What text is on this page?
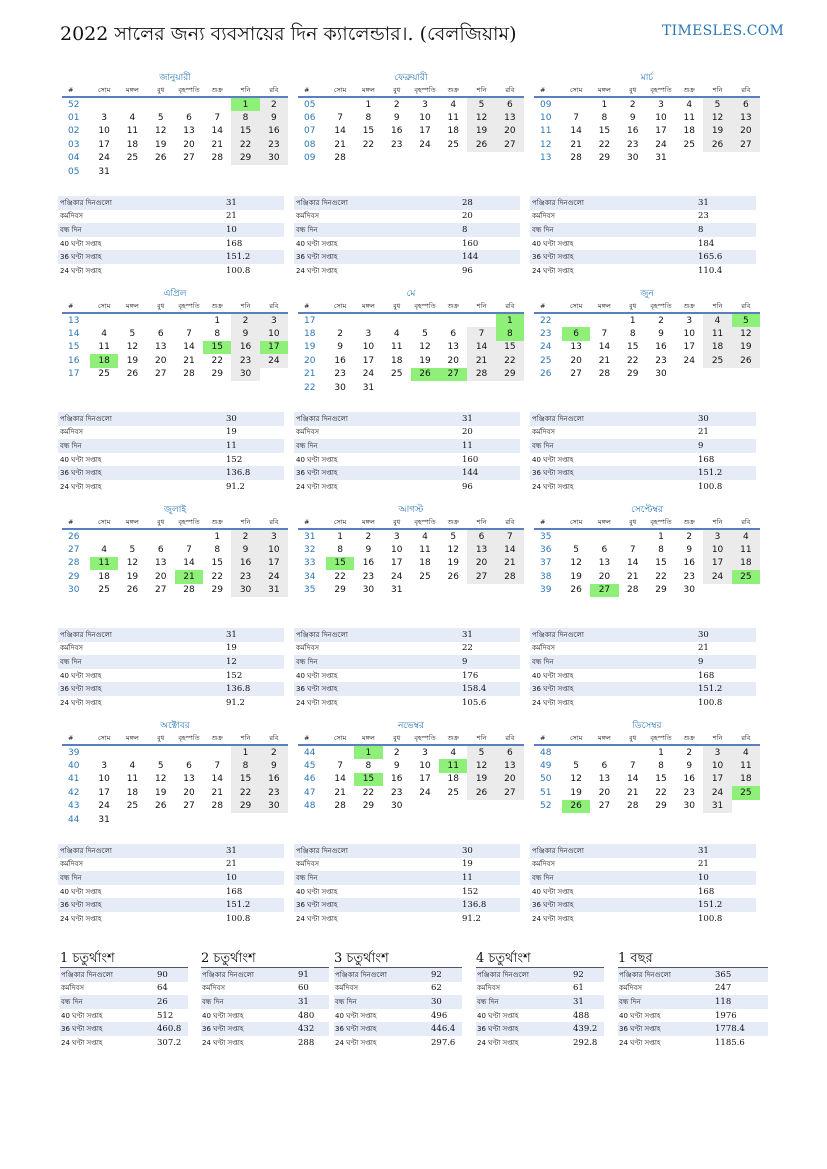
2022 সালের জন্য ব্যবসায়ের দিন ক্যালেন্ডার।. (বেলজিয়াম)	TIMESLES.COM
জানুয়ারী
#	সোম	মঙ্গল	বুধ	বৃহস্পতি	শুক্র	শনি	রবি
52						1	2
01	3	4	5	6	7	8	9
02	10	11	12	13	14	15	16
03	17	18	19	20	21	22	23
04	24	25	26	27	28	29	30
05	31						
পঞ্জিকার দিনগুলো	31
কর্মদিবস	21
বন্ধ দিন	10
40 ঘণ্টা সপ্তাহ	168
36 ঘণ্টা সপ্তাহ	151.2
24 ঘণ্টা সপ্তাহ	100.8
ফেব্রুয়ারী
#	সোম	মঙ্গল	বুধ	বৃহস্পতি	শুক্র	শনি	রবি
05		1	2	3	4	5	6
06	7	8	9	10	11	12	13
07	14	15	16	17	18	19	20
08	21	22	23	24	25	26	27
09	28						
পঞ্জিকার দিনগুলো	28
কর্মদিবস	20
বন্ধ দিন	8
40 ঘণ্টা সপ্তাহ	160
36 ঘণ্টা সপ্তাহ	144
24 ঘণ্টা সপ্তাহ	96
মার্চ
#	সোম	মঙ্গল	বুধ	বৃহস্পতি	শুক্র	শনি	রবি
09		1	2	3	4	5	6
10	7	8	9	10	11	12	13
11	14	15	16	17	18	19	20
12	21	22	23	24	25	26	27
13	28	29	30	31			
পঞ্জিকার দিনগুলো	31
কর্মদিবস	23
বন্ধ দিন	8
40 ঘণ্টা সপ্তাহ	184
36 ঘণ্টা সপ্তাহ	165.6
24 ঘণ্টা সপ্তাহ	110.4
এপ্রিল
#	সোম	মঙ্গল	বুধ	বৃহস্পতি	শুক্র	শনি	রবি
13					1	2	3
14	4	5	6	7	8	9	10
15	11	12	13	14	15	16	17
16	18	19	20	21	22	23	24
17	25	26	27	28	29	30	
পঞ্জিকার দিনগুলো	30
কর্মদিবস	19
বন্ধ দিন	11
40 ঘণ্টা সপ্তাহ	152
36 ঘণ্টা সপ্তাহ	136.8
24 ঘণ্টা সপ্তাহ	91.2
মে
#	সোম	মঙ্গল	বুধ	বৃহস্পতি	শুক্র	শনি	রবি
17							1
18	2	3	4	5	6	7	8
19	9	10	11	12	13	14	15
20	16	17	18	19	20	21	22
21	23	24	25	26	27	28	29
22	30	31					
পঞ্জিকার দিনগুলো	31
কর্মদিবস	20
বন্ধ দিন	11
40 ঘণ্টা সপ্তাহ	160
36 ঘণ্টা সপ্তাহ	144
24 ঘণ্টা সপ্তাহ	96
জুন
#	সোম	মঙ্গল	বুধ	বৃহস্পতি	শুক্র	শনি	রবি
22			1	2	3	4	5
23	6	7	8	9	10	11	12
24	13	14	15	16	17	18	19
25	20	21	22	23	24	25	26
26	27	28	29	30			
পঞ্জিকার দিনগুলো	30
কর্মদিবস	21
বন্ধ দিন	9
40 ঘণ্টা সপ্তাহ	168
36 ঘণ্টা সপ্তাহ	151.2
24 ঘণ্টা সপ্তাহ	100.8
জুলাই
#	সোম	মঙ্গল	বুধ	বৃহস্পতি	শুক্র	শনি	রবি
26					1	2	3
27	4	5	6	7	8	9	10
28	11	12	13	14	15	16	17
29	18	19	20	21	22	23	24
30	25	26	27	28	29	30	31
পঞ্জিকার দিনগুলো	31
কর্মদিবস	19
বন্ধ দিন	12
40 ঘণ্টা সপ্তাহ	152
36 ঘণ্টা সপ্তাহ	136.8
24 ঘণ্টা সপ্তাহ	91.2
আগস্ট
#	সোম	মঙ্গল	বুধ	বৃহস্পতি	শুক্র	শনি	রবি
31	1	2	3	4	5	6	7
32	8	9	10	11	12	13	14
33	15	16	17	18	19	20	21
34	22	23	24	25	26	27	28
35	29	30	31				
পঞ্জিকার দিনগুলো	31
কর্মদিবস	22
বন্ধ দিন	9
40 ঘণ্টা সপ্তাহ	176
36 ঘণ্টা সপ্তাহ	158.4
24 ঘণ্টা সপ্তাহ	105.6
সেপ্টেম্বর
#	সোম	মঙ্গল	বুধ	বৃহস্পতি	শুক্র	শনি	রবি
35				1	2	3	4
36	5	6	7	8	9	10	11
37	12	13	14	15	16	17	18
38	19	20	21	22	23	24	25
39	26	27	28	29	30		
পঞ্জিকার দিনগুলো	30
কর্মদিবস	21
বন্ধ দিন	9
40 ঘণ্টা সপ্তাহ	168
36 ঘণ্টা সপ্তাহ	151.2
24 ঘণ্টা সপ্তাহ	100.8
অক্টোবর
#	সোম	মঙ্গল	বুধ	বৃহস্পতি	শুক্র	শনি	রবি
39						1	2
40	3	4	5	6	7	8	9
41	10	11	12	13	14	15	16
42	17	18	19	20	21	22	23
43	24	25	26	27	28	29	30
44	31						
পঞ্জিকার দিনগুলো	31
কর্মদিবস	21
বন্ধ দিন	10
40 ঘণ্টা সপ্তাহ	168
36 ঘণ্টা সপ্তাহ	151.2
24 ঘণ্টা সপ্তাহ	100.8
নভেম্বর
#	সোম	মঙ্গল	বুধ	বৃহস্পতি	শুক্র	শনি	রবি
44		1	2	3	4	5	6
45	7	8	9	10	11	12	13
46	14	15	16	17	18	19	20
47	21	22	23	24	25	26	27
48	28	29	30				
পঞ্জিকার দিনগুলো	30
কর্মদিবস	19
বন্ধ দিন	11
40 ঘণ্টা সপ্তাহ	152
36 ঘণ্টা সপ্তাহ	136.8
24 ঘণ্টা সপ্তাহ	91.2
ডিসেম্বর
#	সোম	মঙ্গল	বুধ	বৃহস্পতি	শুক্র	শনি	রবি
48				1	2	3	4
49	5	6	7	8	9	10	11
50	12	13	14	15	16	17	18
51	19	20	21	22	23	24	25
52	26	27	28	29	30	31	
পঞ্জিকার দিনগুলো	31
কর্মদিবস	21
বন্ধ দিন	10
40 ঘণ্টা সপ্তাহ	168
36 ঘণ্টা সপ্তাহ	151.2
24 ঘণ্টা সপ্তাহ	100.8
1 চতুর্থাংশ
পঞ্জিকার দিনগুলো	90
কর্মদিবস	64
বন্ধ দিন	26
40 ঘণ্টা সপ্তাহ	512
36 ঘণ্টা সপ্তাহ	460.8
24 ঘণ্টা সপ্তাহ	307.2
2 চতুর্থাংশ
পঞ্জিকার দিনগুলো	91
কর্মদিবস	60
বন্ধ দিন	31
40 ঘণ্টা সপ্তাহ	480
36 ঘণ্টা সপ্তাহ	432
24 ঘণ্টা সপ্তাহ	288
3 চতুর্থাংশ
পঞ্জিকার দিনগুলো	92
কর্মদিবস	62
বন্ধ দিন	30
40 ঘণ্টা সপ্তাহ	496
36 ঘণ্টা সপ্তাহ	446.4
24 ঘণ্টা সপ্তাহ	297.6
4 চতুর্থাংশ
পঞ্জিকার দিনগুলো	92
কর্মদিবস	61
বন্ধ দিন	31
40 ঘণ্টা সপ্তাহ	488
36 ঘণ্টা সপ্তাহ	439.2
24 ঘণ্টা সপ্তাহ	292.8
1 বছর
পঞ্জিকার দিনগুলো	365
কর্মদিবস	247
বন্ধ দিন	118
40 ঘণ্টা সপ্তাহ	1976
36 ঘণ্টা সপ্তাহ	1778.4
24 ঘণ্টা সপ্তাহ	1185.6
